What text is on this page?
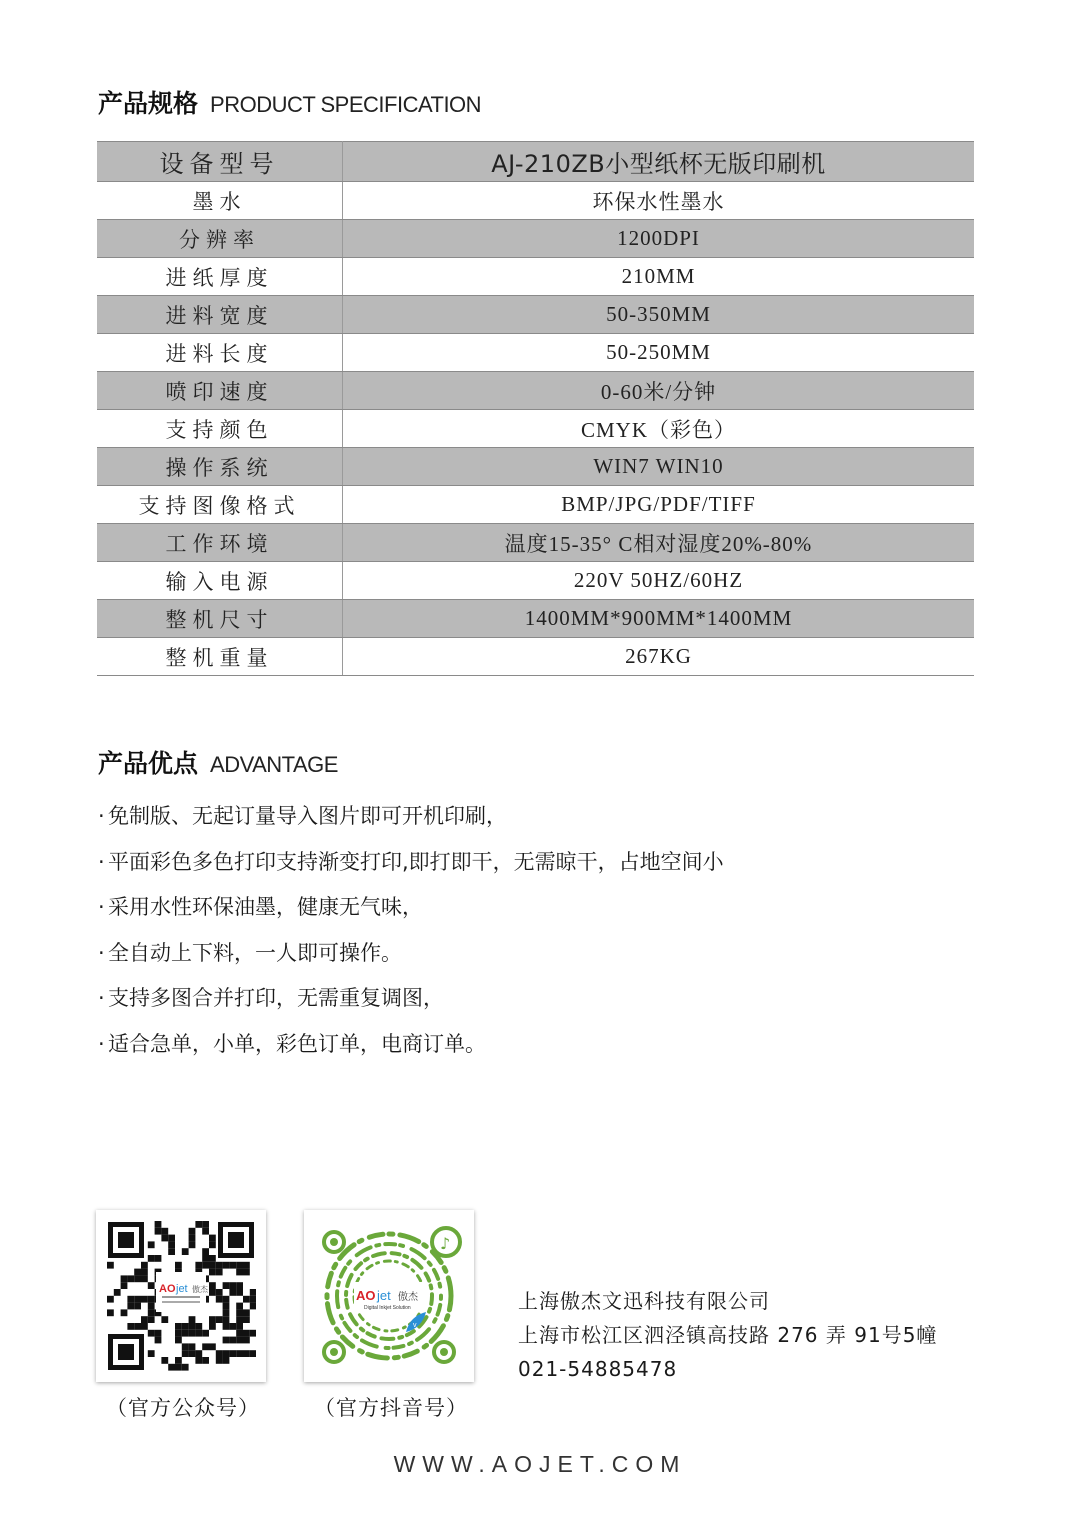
产品规格 PRODUCT SPECIFICATION
设备型号	AJ-210ZB小型纸杯无版印刷机
墨水	环保水性墨水
分辨率	1200DPI
进纸厚度	210MM
进料宽度	50-350MM
进料长度	50-250MM
喷印速度	0-60米/分钟
支持颜色	CMYK（彩色）
操作系统	WIN7 WIN10
支持图像格式	BMP/JPG/PDF/TIFF
工作环境	温度15-35° C相对湿度20%-80%
输入电源	220V 50HZ/60HZ
整机尺寸	1400MM*900MM*1400MM
整机重量	267KG
产品优点 ADVANTAGE
· 免制版、无起订量导入图片即可开机印刷，
· 平面彩色多色打印支持渐变打印,即打即干，无需晾干，占地空间小
· 采用水性环保油墨，健康无气味，
· 全自动上下料，一人即可操作。
· 支持多图合并打印，无需重复调图，
· 适合急单，小单，彩色订单，电商订单。
AO jet 傲杰
（官方公众号）
♪
AO jet 傲杰
Digital Inkjet Solution
v
（官方抖音号）
上海傲杰文迅科技有限公司
上海市松江区泗泾镇高技路 276 弄 91号5幢
021-54885478
WWW.AOJET.COM
